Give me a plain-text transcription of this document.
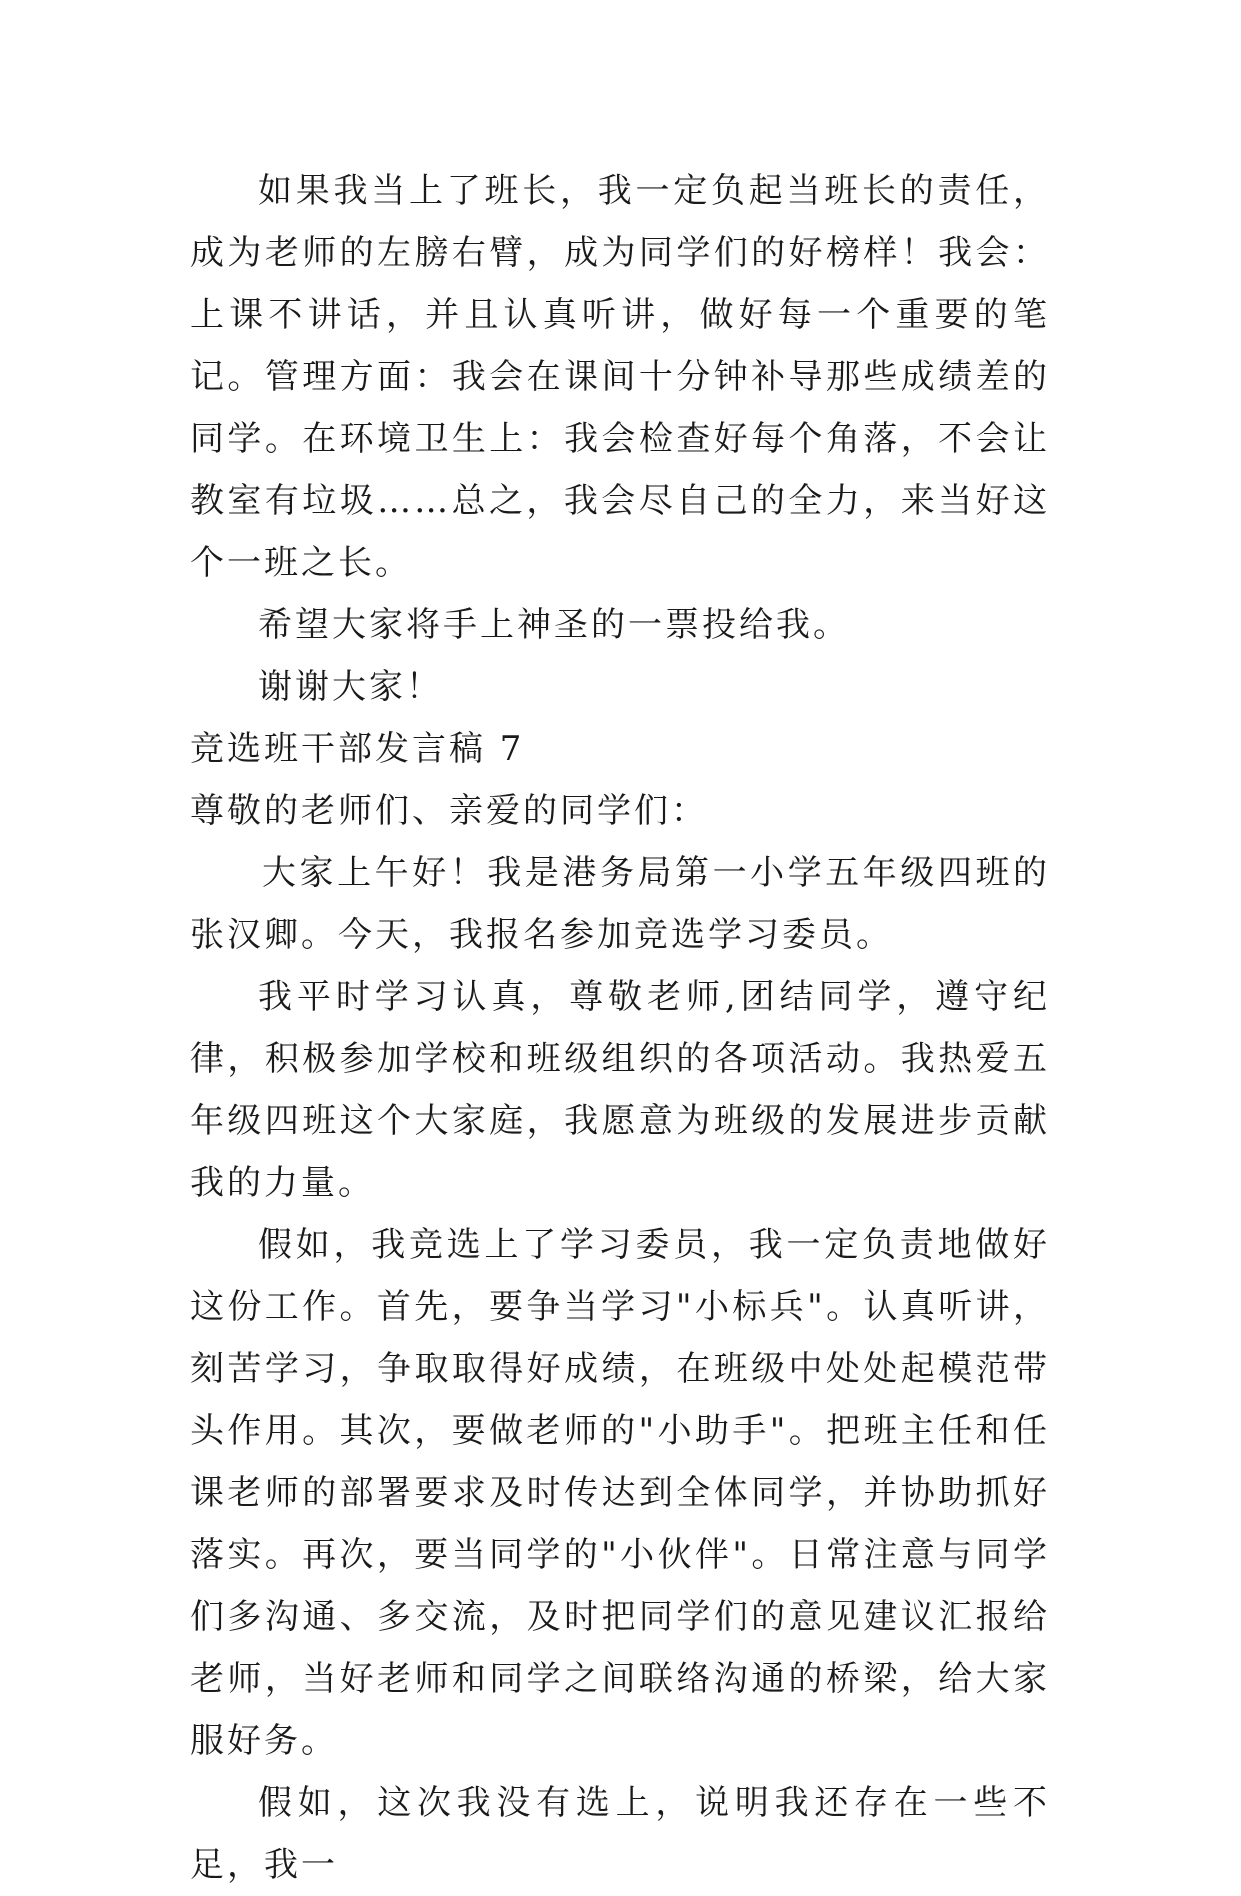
如果我当上了班长，我一定负起当班长的责任，成为老师的左膀右臂，成为同学们的好榜样！我会：上课不讲话，并且认真听讲，做好每一个重要的笔记。管理方面：我会在课间十分钟补导那些成绩差的同学。在环境卫生上：我会检查好每个角落，不会让教室有垃圾……总之，我会尽自己的全力，来当好这个一班之长。

希望大家将手上神圣的一票投给我。

谢谢大家！

竞选班干部发言稿 7

尊敬的老师们、亲爱的同学们：

大家上午好！我是港务局第一小学五年级四班的张汉卿。今天，我报名参加竞选学习委员。

我平时学习认真，尊敬老师,团结同学，遵守纪律，积极参加学校和班级组织的各项活动。我热爱五年级四班这个大家庭，我愿意为班级的发展进步贡献我的力量。

假如，我竞选上了学习委员，我一定负责地做好这份工作。首先，要争当学习"小标兵"。认真听讲，刻苦学习，争取取得好成绩，在班级中处处起模范带头作用。其次，要做老师的"小助手"。把班主任和任课老师的部署要求及时传达到全体同学，并协助抓好落实。再次，要当同学的"小伙伴"。日常注意与同学们多沟通、多交流，及时把同学们的意见建议汇报给老师，当好老师和同学之间联络沟通的桥梁，给大家服好务。

假如，这次我没有选上，说明我还存在一些不足，我一
